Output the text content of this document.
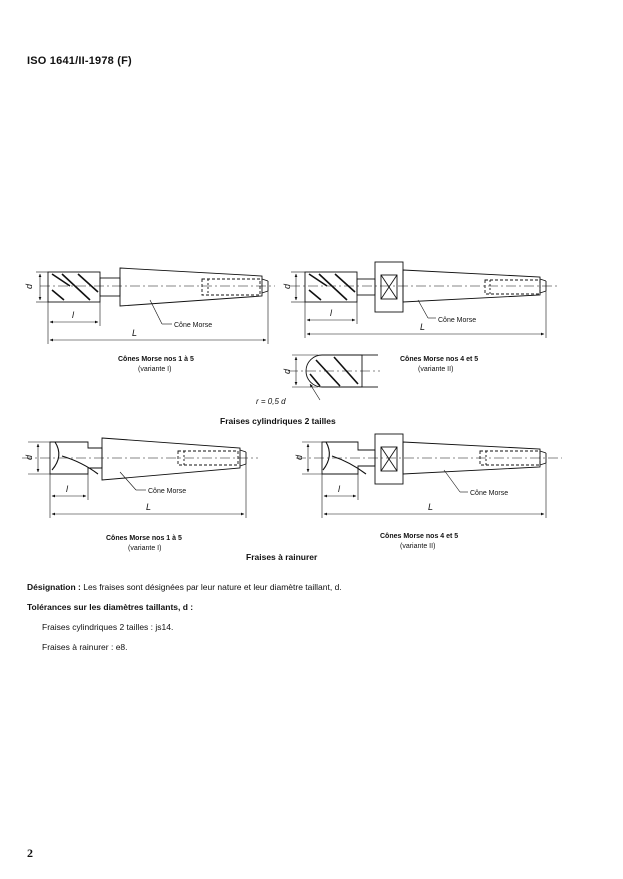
ISO 1641/II-1978 (F)
d
l
L
Cône Morse
d
l
L
Cône Morse
d
r = 0,5 d
d
l
L
Cône Morse
d
l
L
Cône Morse
Cônes Morse nos 1 à 5
(variante I)
Cônes Morse nos 4 et 5
(variante II)
Fraises cylindriques 2 tailles
Cônes Morse nos 1 à 5
(variante I)
Cônes Morse nos 4 et 5
(variante II)
Fraises à rainurer
Désignation : Les fraises sont désignées par leur nature et leur diamètre taillant, d.
Tolérances sur les diamètres taillants, d :
Fraises cylindriques 2 tailles : js14.
Fraises à rainurer : e8.
2
